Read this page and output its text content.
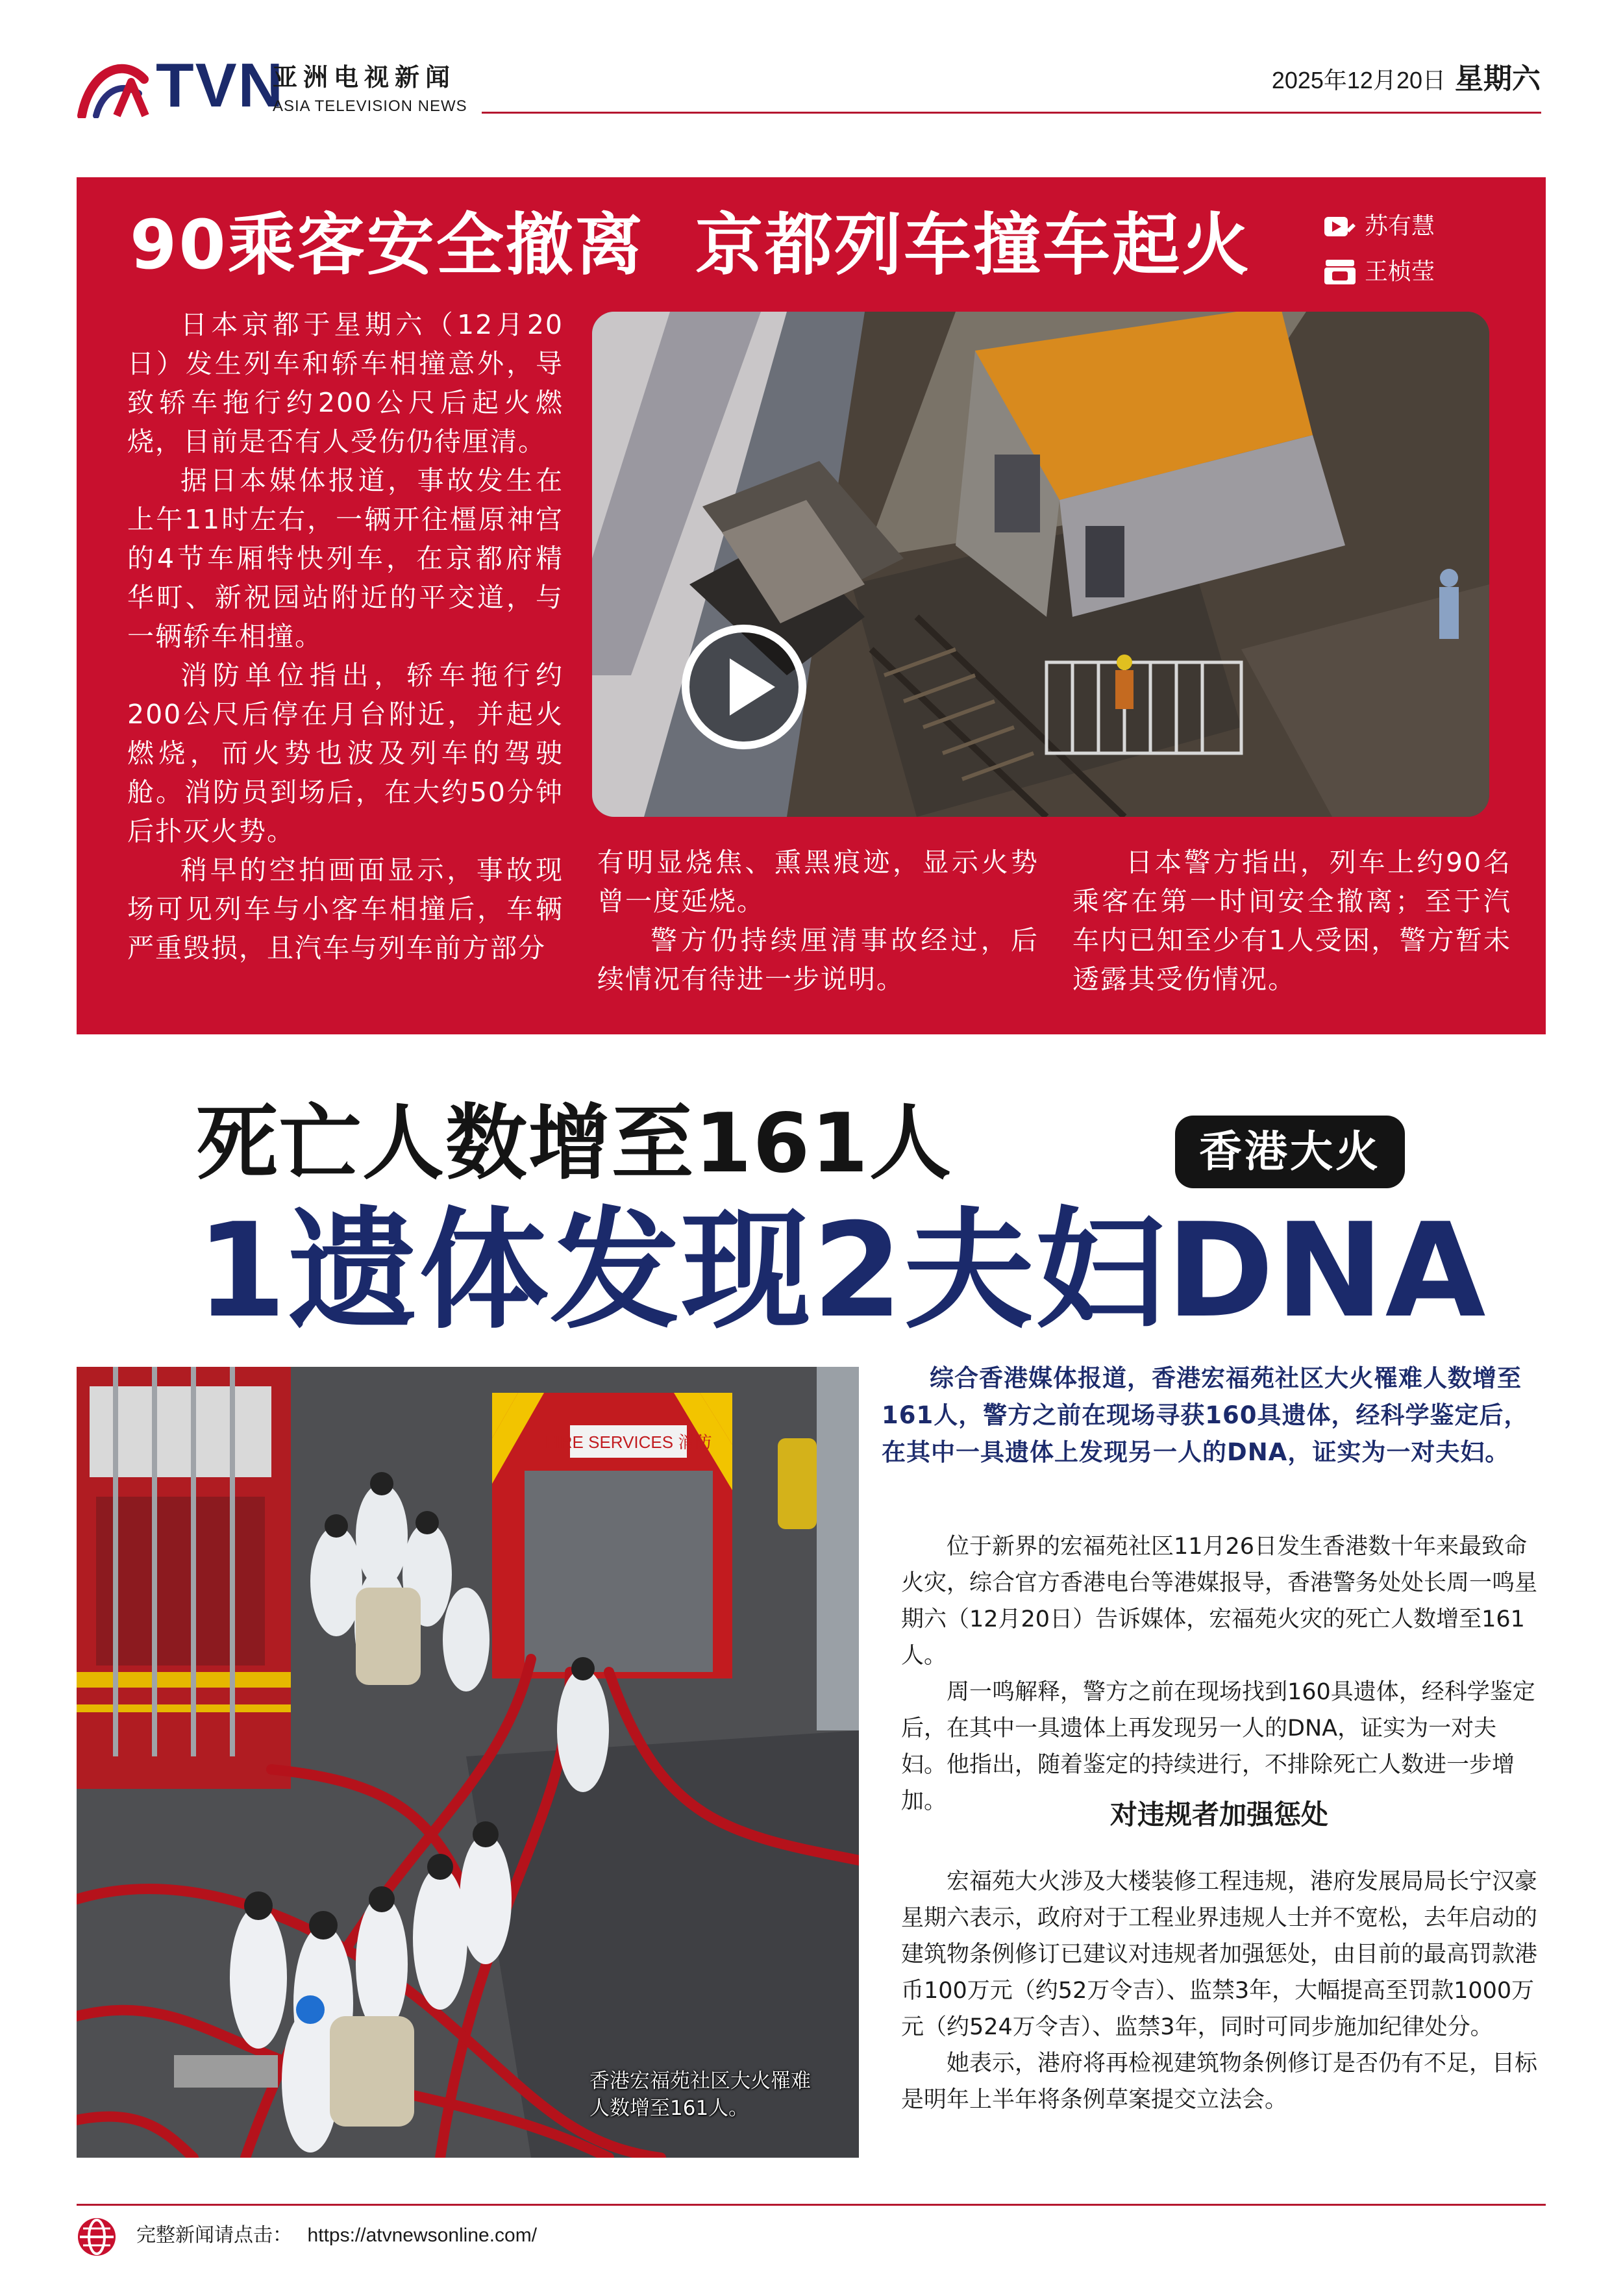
TVN
亚洲电视新闻
ASIA TELEVISION NEWS
2025年12月20日 星期六
90乘客安全撤离  京都列车撞车起火	苏有慧
王桢莹

日本京都于星期六（12月20日）发生列车和轿车相撞意外，导致轿车拖行约200公尺后起火燃烧，目前是否有人受伤仍待厘清。

据日本媒体报道，事故发生在上午11时左右，一辆开往橿原神宫的4节车厢特快列车，在京都府精华町、新祝园站附近的平交道，与一辆轿车相撞。

消防单位指出，轿车拖行约200公尺后停在月台附近，并起火燃烧，而火势也波及列车的驾驶舱。消防员到场后，在大约50分钟后扑灭火势。

稍早的空拍画面显示，事故现场可见列车与小客车相撞后，车辆严重毁损，且汽车与列车前方部分

有明显烧焦、熏黑痕迹，显示火势曾一度延烧。

警方仍持续厘清事故经过，后续情况有待进一步说明。

日本警方指出，列车上约90名乘客在第一时间安全撤离；至于汽车内已知至少有1人受困，警方暂未透露其受伤情况。

死亡人数增至161人	香港大火
1遗体发现2夫妇DNA
FIRE SERVICES 消防
香港宏福苑社区大火罹难人数增至161人。

综合香港媒体报道，香港宏福苑社区大火罹难人数增至161人，警方之前在现场寻获160具遗体，经科学鉴定后，在其中一具遗体上发现另一人的DNA，证实为一对夫妇。

位于新界的宏福苑社区11月26日发生香港数十年来最致命火灾，综合官方香港电台等港媒报导，香港警务处处长周一鸣星期六（12月20日）告诉媒体，宏福苑火灾的死亡人数增至161人。

周一鸣解释，警方之前在现场找到160具遗体，经科学鉴定后，在其中一具遗体上再发现另一人的DNA，证实为一对夫妇。他指出，随着鉴定的持续进行，不排除死亡人数进一步增加。	对违规者加强惩处

宏福苑大火涉及大楼装修工程违规，港府发展局局长宁汉豪星期六表示，政府对于工程业界违规人士并不宽松，去年启动的建筑物条例修订已建议对违规者加强惩处，由目前的最高罚款港币100万元（约52万令吉）、监禁3年，大幅提高至罚款1000万元（约524万令吉）、监禁3年，同时可同步施加纪律处分。

她表示，港府将再检视建筑物条例修订是否仍有不足，目标是明年上半年将条例草案提交立法会。

完整新闻请点击： https://atvnewsonline.com/
